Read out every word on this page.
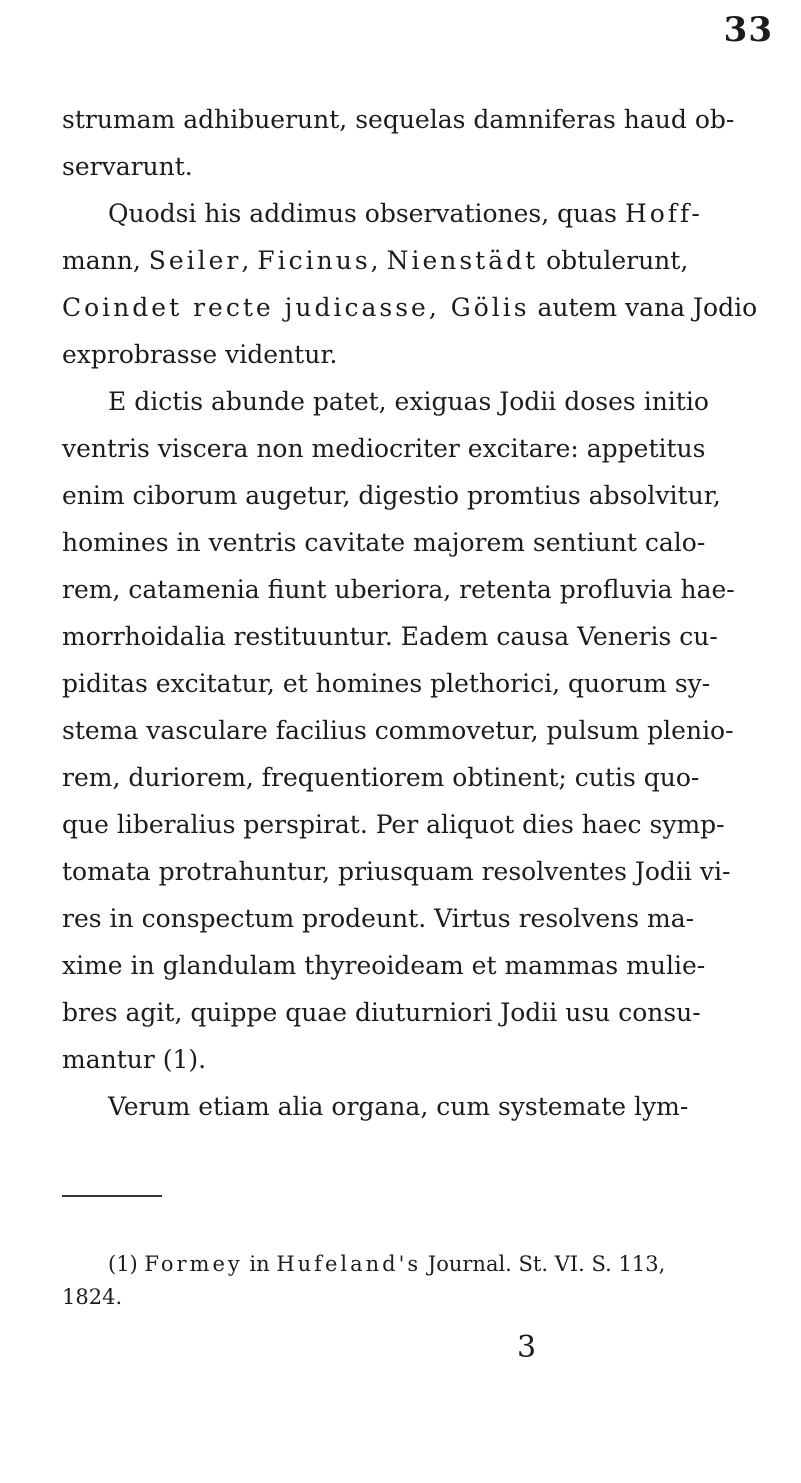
33
strumam adhibuerunt, sequelas damniferas haud ob-
servarunt.
Quodsi his addimus observationes, quas Hoff-
mann, Seiler, Ficinus, Nienstädt obtulerunt,
Coindet recte judicasse, Gölis autem vana Jodio
exprobrasse videntur.
E dictis abunde patet, exiguas Jodii doses initio
ventris viscera non mediocriter excitare: appetitus
enim ciborum augetur, digestio promtius absolvitur,
homines in ventris cavitate majorem sentiunt calo-
rem, catamenia fiunt uberiora, retenta profluvia hae-
morrhoidalia restituuntur. Eadem causa Veneris cu-
piditas excitatur, et homines plethorici, quorum sy-
stema vasculare facilius commovetur, pulsum plenio-
rem, duriorem, frequentiorem obtinent; cutis quo-
que liberalius perspirat. Per aliquot dies haec symp-
tomata protrahuntur, priusquam resolventes Jodii vi-
res in conspectum prodeunt. Virtus resolvens ma-
xime in glandulam thyreoideam et mammas mulie-
bres agit, quippe quae diuturniori Jodii usu consu-
mantur (1).
Verum etiam alia organa, cum systemate lym-
(1) Formey in Hufeland's Journal. St. VI. S. 113,
1824.
3
